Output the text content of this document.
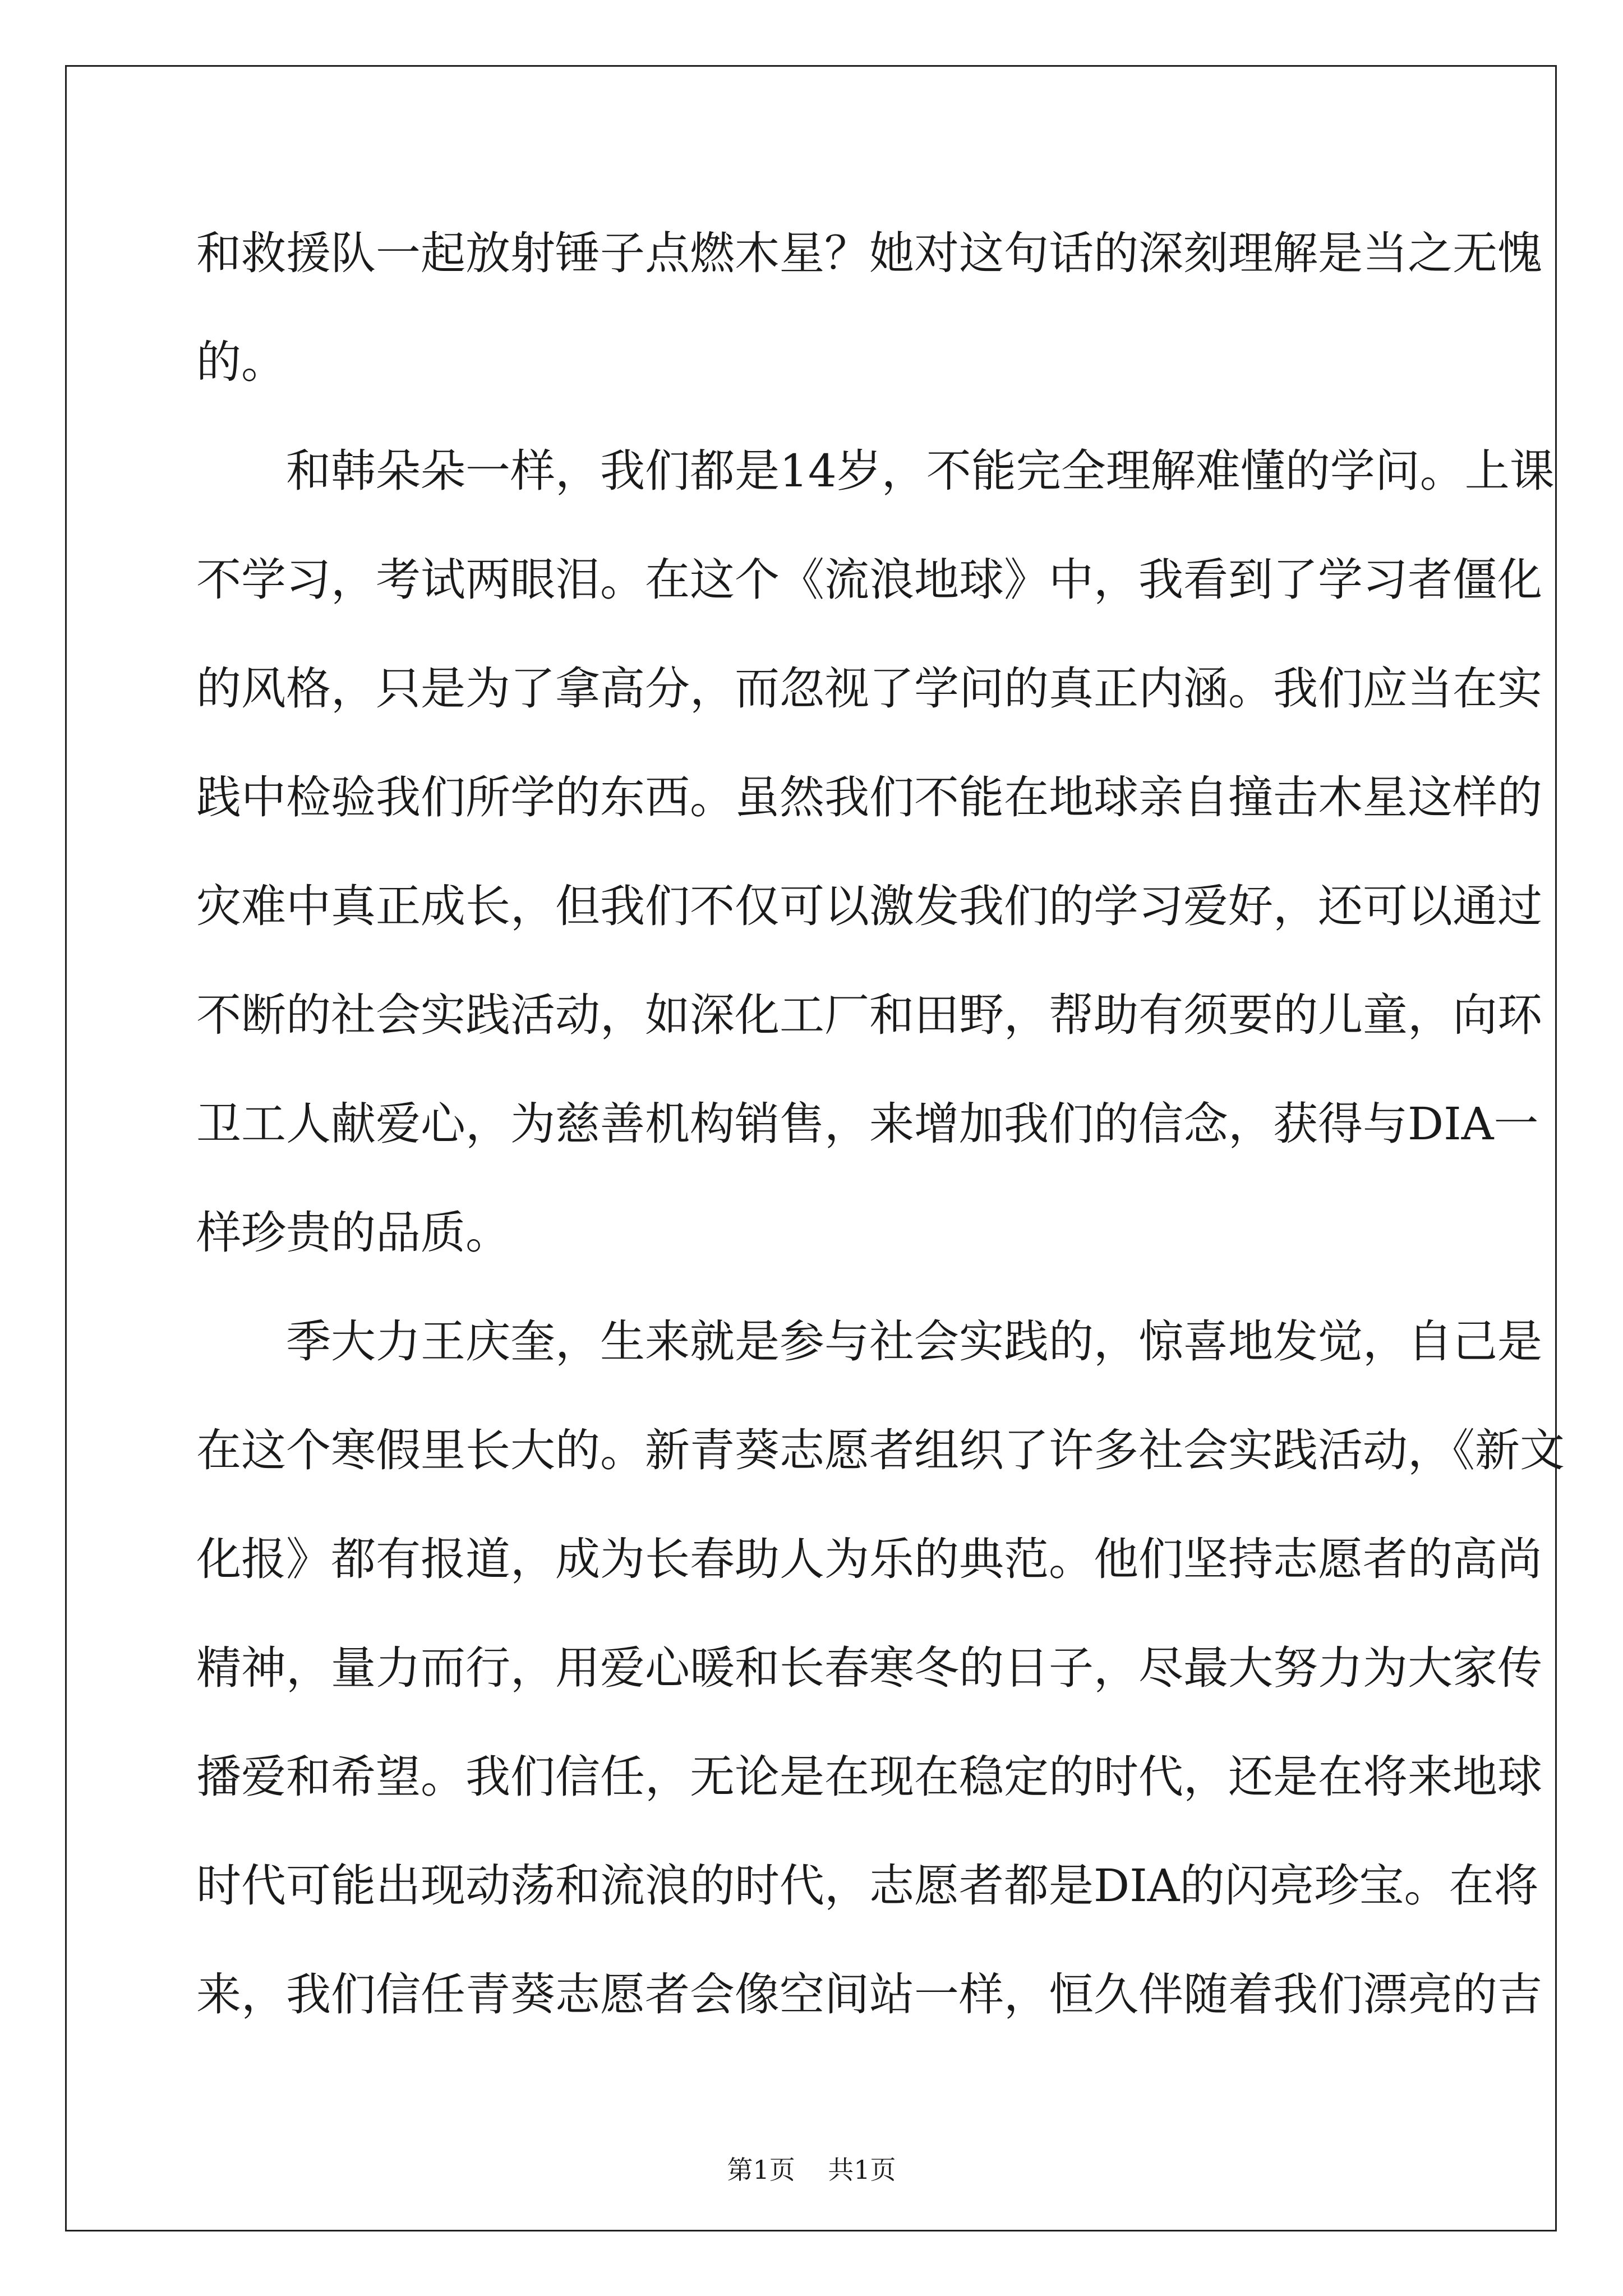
和救援队一起放射锤子点燃木星？她对这句话的深刻理解是当之无愧
的。
　　和韩朵朵一样，我们都是14岁，不能完全理解难懂的学问。上课
不学习，考试两眼泪。在这个《流浪地球》中，我看到了学习者僵化
的风格，只是为了拿高分，而忽视了学问的真正内涵。我们应当在实
践中检验我们所学的东西。虽然我们不能在地球亲自撞击木星这样的
灾难中真正成长，但我们不仅可以激发我们的学习爱好，还可以通过
不断的社会实践活动，如深化工厂和田野，帮助有须要的儿童，向环
卫工人献爱心，为慈善机构销售，来增加我们的信念，获得与DIA一
样珍贵的品质。
　　季大力王庆奎，生来就是参与社会实践的，惊喜地发觉，自己是
在这个寒假里长大的。新青葵志愿者组织了许多社会实践活动，《新文
化报》都有报道，成为长春助人为乐的典范。他们坚持志愿者的高尚
精神，量力而行，用爱心暖和长春寒冬的日子，尽最大努力为大家传
播爱和希望。我们信任，无论是在现在稳定的时代，还是在将来地球
时代可能出现动荡和流浪的时代，志愿者都是DIA的闪亮珍宝。在将
来，我们信任青葵志愿者会像空间站一样，恒久伴随着我们漂亮的吉
第1页 共1页
